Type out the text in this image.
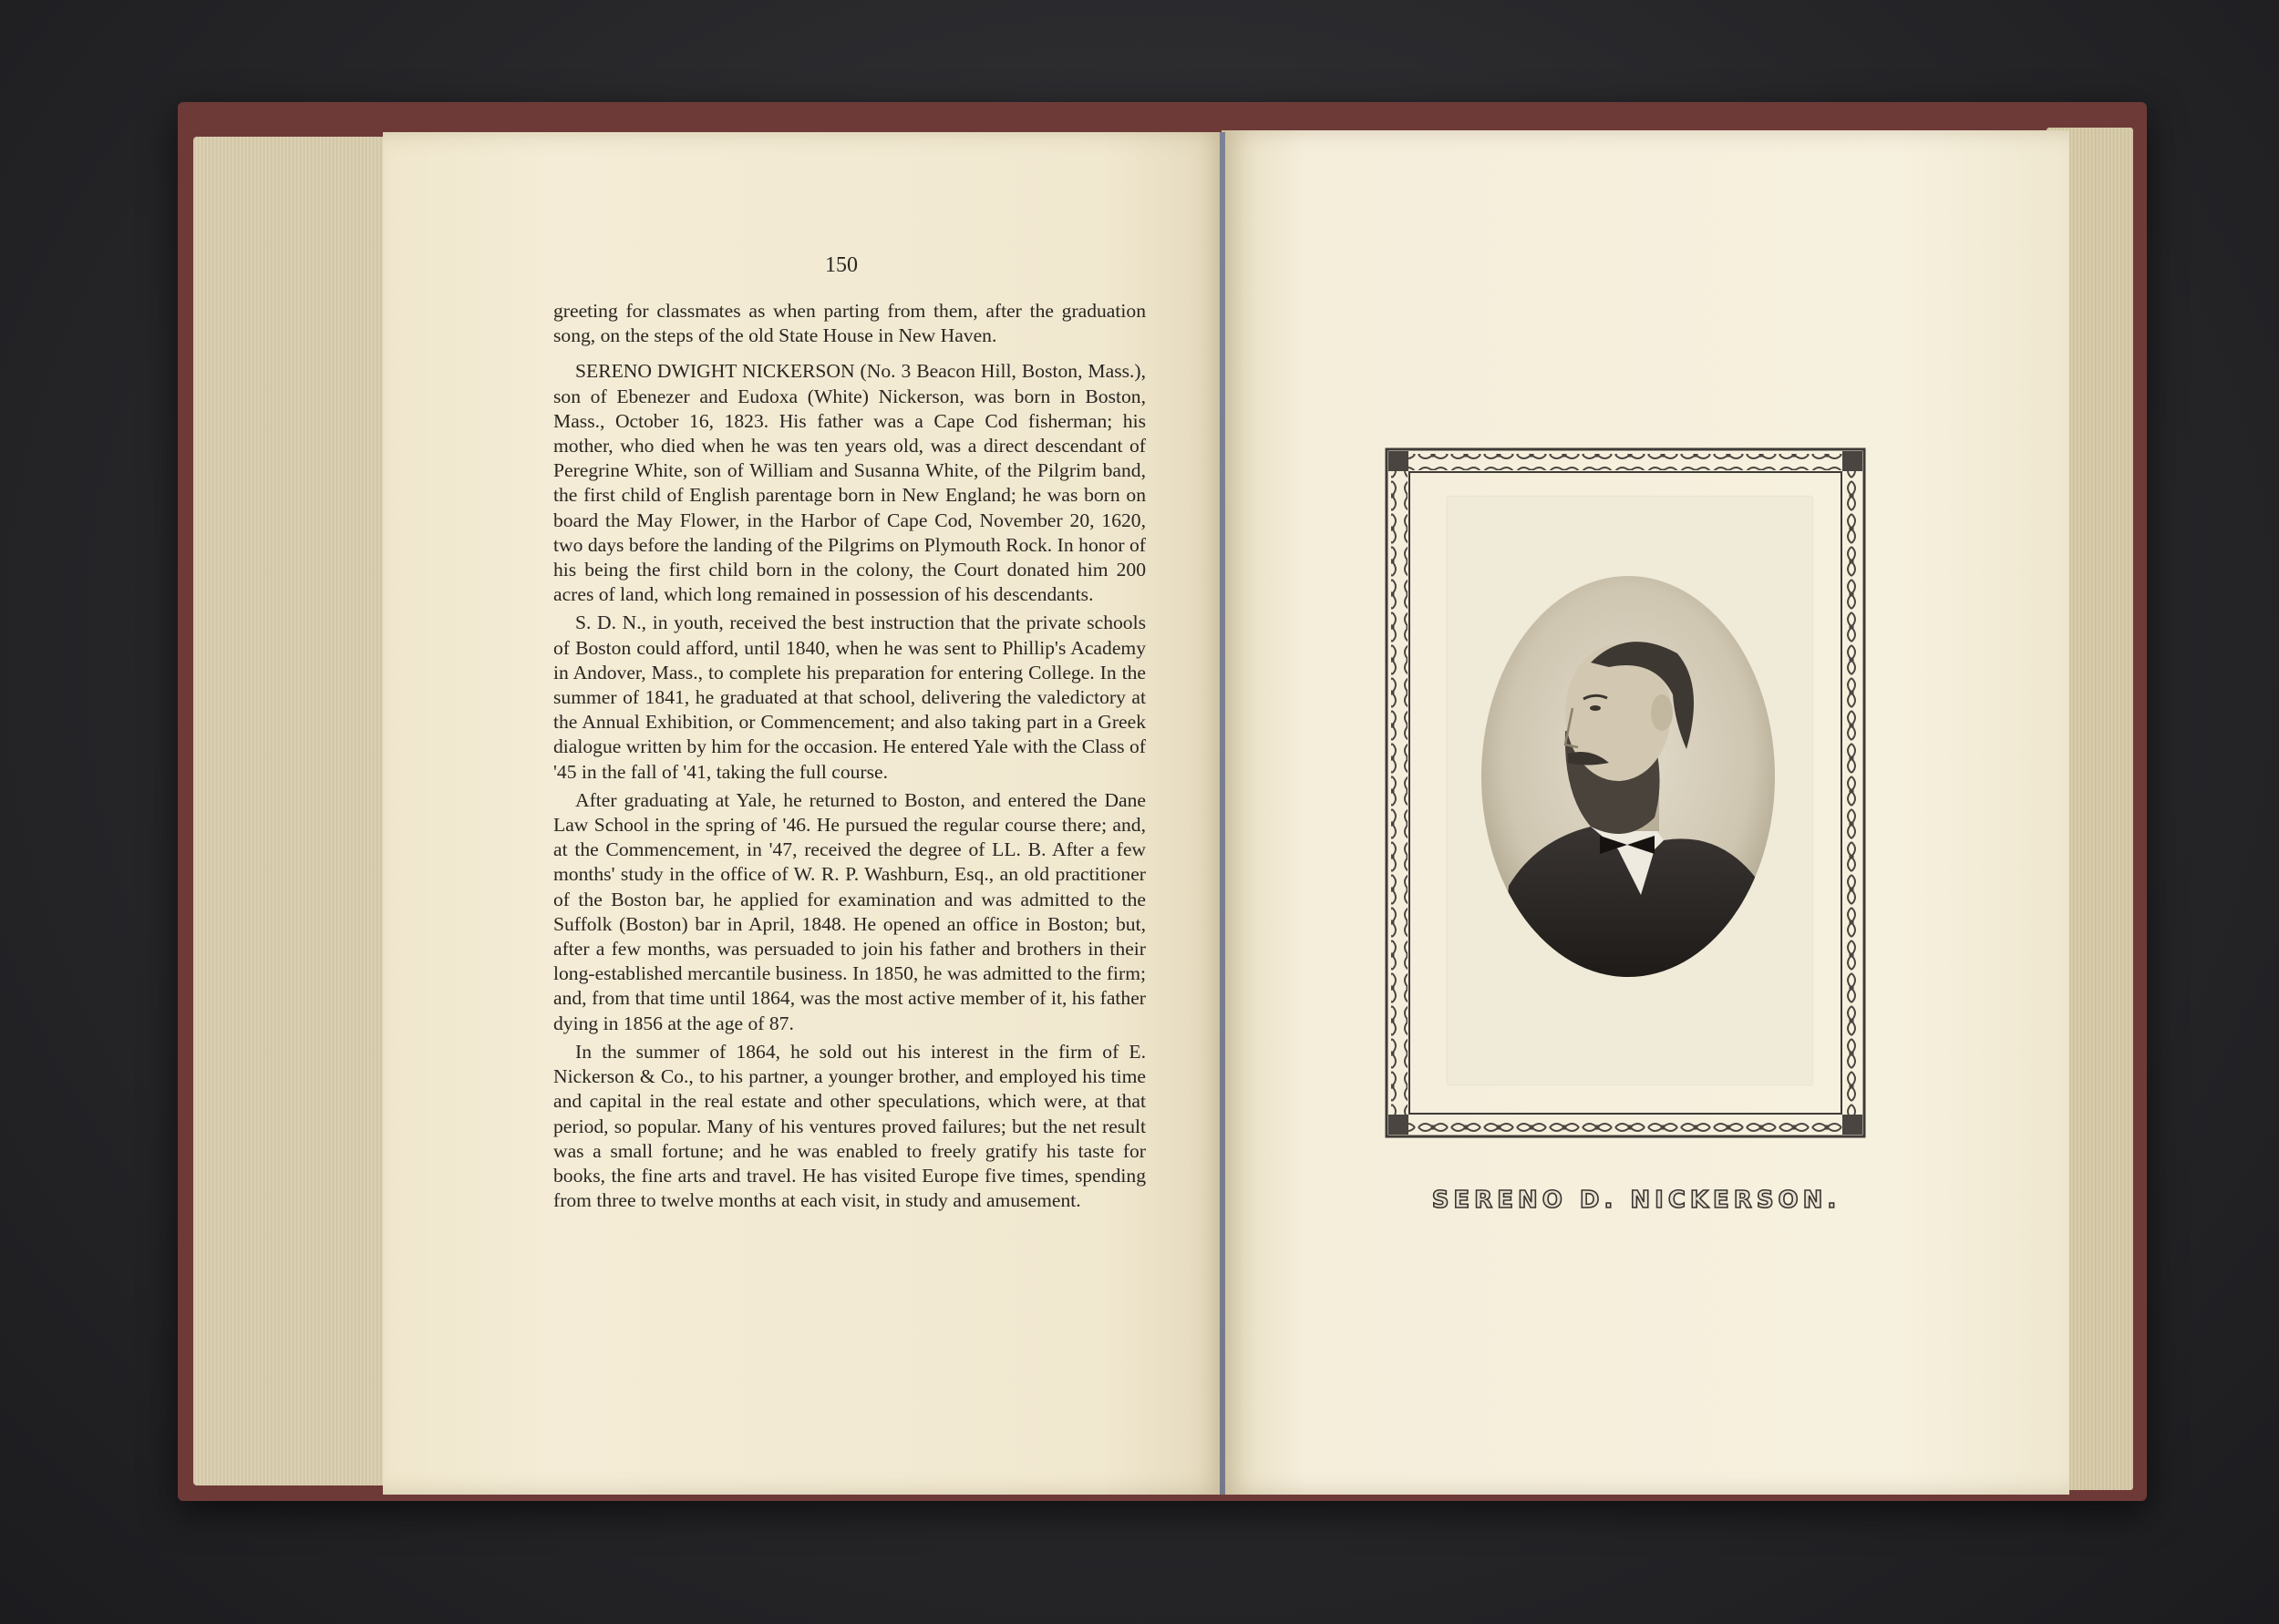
150

greeting for classmates as when parting from them, after the graduation song, on the steps of the old State House in New Haven.

SERENO DWIGHT NICKERSON (No. 3 Beacon Hill, Boston, Mass.), son of Ebenezer and Eudoxa (White) Nickerson, was born in Boston, Mass., October 16, 1823. His father was a Cape Cod fisherman; his mother, who died when he was ten years old, was a direct descendant of Peregrine White, son of William and Susanna White, of the Pilgrim band, the first child of English parentage born in New England; he was born on board the May Flower, in the Harbor of Cape Cod, November 20, 1620, two days before the landing of the Pilgrims on Plymouth Rock. In honor of his being the first child born in the colony, the Court donated him 200 acres of land, which long remained in possession of his descendants.

S. D. N., in youth, received the best instruction that the private schools of Boston could afford, until 1840, when he was sent to Phillip's Academy in Andover, Mass., to complete his preparation for entering College. In the summer of 1841, he graduated at that school, delivering the valedictory at the Annual Exhibition, or Commencement; and also taking part in a Greek dialogue written by him for the occasion. He entered Yale with the Class of '45 in the fall of '41, taking the full course.

After graduating at Yale, he returned to Boston, and entered the Dane Law School in the spring of '46. He pursued the regular course there; and, at the Commencement, in '47, received the degree of LL. B. After a few months' study in the office of W. R. P. Washburn, Esq., an old practitioner of the Boston bar, he applied for examination and was admitted to the Suffolk (Boston) bar in April, 1848. He opened an office in Boston; but, after a few months, was persuaded to join his father and brothers in their long-established mercantile business. In 1850, he was admitted to the firm; and, from that time until 1864, was the most active member of it, his father dying in 1856 at the age of 87.

In the summer of 1864, he sold out his interest in the firm of E. Nickerson & Co., to his partner, a younger brother, and employed his time and capital in the real estate and other speculations, which were, at that period, so popular. Many of his ventures proved failures; but the net result was a small fortune; and he was enabled to freely gratify his taste for books, the fine arts and travel. He has visited Europe five times, spending from three to twelve months at each visit, in study and amusement.	SERENO D. NICKERSON.
